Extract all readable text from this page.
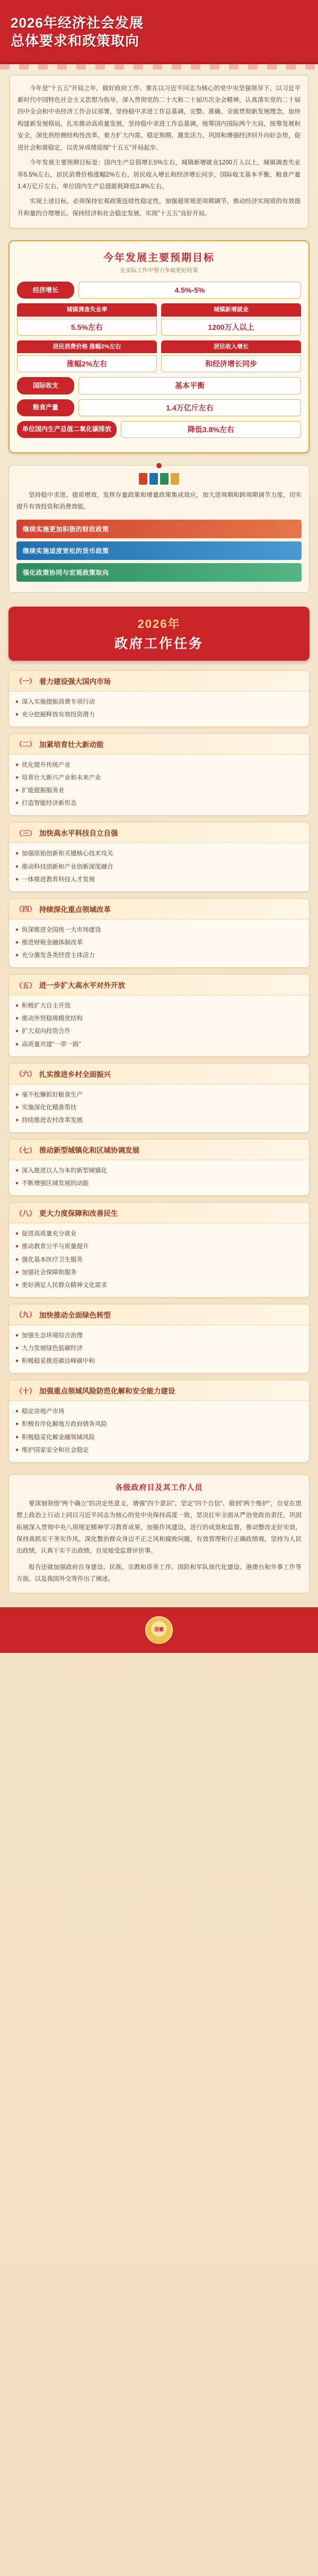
2026年经济社会发展
总体要求和政策取向

今年是"十五五"开局之年，做好政府工作、要在以习近平同志为核心的党中央坚强领导下，以习近平新时代中国特色社会主义思想为指导，深入贯彻党的二十大和二十届历次全会精神，认真落实党的二十届四中全会和中央经济工作会议部署，坚持稳中求进工作总基调，完整、准确、全面贯彻新发展理念，加快构建新发展格局，扎实推动高质量发展，坚持稳中求进工作总基调，统筹国内国际两个大局，统筹发展和安全，深化供给侧结构性改革，着力扩大内需、稳定预期、激发活力，巩固和增强经济回升向好态势，促进社会和谐稳定，以优异成绩迎接"十五五"开局起步。

今年发展主要预期目标是：国内生产总值增长5%左右，城镇新增就业1200万人以上，城镇调查失业率5.5%左右，居民消费价格涨幅2%左右，居民收入增长和经济增长同步，国际收支基本平衡，粮食产量1.4万亿斤左右，单位国内生产总值能耗降低3.8%左右。

实现上述目标，必须保持宏观政策连续性稳定性，加强超常规逆周期调节，推动经济实现质的有效提升和量的合理增长。保持经济和社会稳定发展，实现"十五五"良好开局。

今年发展主要预期目标
在实际工作中努力争取更好结果
经济增长	4.5%-5%
城镇调查失业率
5.5%左右
城镇新增就业
1200万人以上
居民消费价格 涨幅2%左右
涨幅2%左右
居民收入增长
和经济增长同步
国际收支	基本平衡
粮食产量	1.4万亿斤左右
单位国内生产总值二氧化碳排放	降低3.8%左右

坚持稳中求进、提质增效，发挥存量政策和增量政策集成效应，加大逆周期和跨周期调节力度，切实提升有效投资和消费效能。

继续实施更加积极的财政政策
继续实施适度宽松的货币政策
强化政策协同与宏观政策取向
2026年
政府工作任务
（一） 着力建设强大国内市场
● 深入实施提振消费专项行动
● 充分挖掘释放有效投资潜力
（二） 加紧培育壮大新动能
● 优化提升传统产业
● 培育壮大新兴产业和未来产业
● 扩能提振服务业
● 打造智能经济新形态
（三） 加快高水平科技自立自强
● 加强原始创新和关键核心技术攻关
● 推动科技创新和产业创新深度融合
● 一体推进教育科技人才发展
（四） 持续深化重点领域改革
● 纵深推进全国统一大市场建设
● 推进财税金融体制改革
● 充分激发各类经营主体活力
（五） 进一步扩大高水平对外开放
● 积极扩大自主开放
● 推动外贸稳规模优结构
● 扩大双向投资合作
● 高质量共建"一带一路"
（六） 扎实推进乡村全面振兴
● 毫不松懈抓好粮食生产
● 实施深化化精准帮扶
● 持续推进农村改革发展
（七） 推动新型城镇化和区域协调发展
● 深入推进以人为本的新型城镇化
● 不断增强区域发展的动能
（八） 更大力度保障和改善民生
● 促进高质量充分就业
● 推动教育公平与质量提升
● 强化基本医疗卫生服务
● 加强社会保障和服务
● 更好满足人民群众精神文化需求
（九） 加快推动全面绿色转型
● 加强生态环境综合治理
● 大力发展绿色低碳经济
● 积极稳妥推进碳达峰碳中和
（十） 加强重点领域风险防范化解和安全能力建设
● 稳定房地产市场
● 积极有序化解地方政府债务风险
● 积极稳妥化解金融领域风险
● 维护国家安全和社会稳定
各级政府目及其工作人员

要深刻领悟"两个确立"的决定性意义，增强"四个意识"、坚定"四个自信"、做到"两个维护"，自觉在思想上政治上行动上同以习近平同志为核心的党中央保持高度一致，坚决扛牢全面从严治党政治责任，巩固拓展深入贯彻中央八项规定精神学习教育成果，加强作风建设，进行的成效和监督，推动整改走好实效，保持真抓实干务实作风。深化整治群众身边不正之风和腐败问题，有效管理和行正确政绩观，坚持为人民出政绩，认真干实干出政绩，自觉接受监督评价事。

报告还就加强政府自身建设、民族、宗教和侨务工作、国防和军队现代化建设、港澳台和外事工作等方面，以及我国外交等作出了阐述。

国徽
